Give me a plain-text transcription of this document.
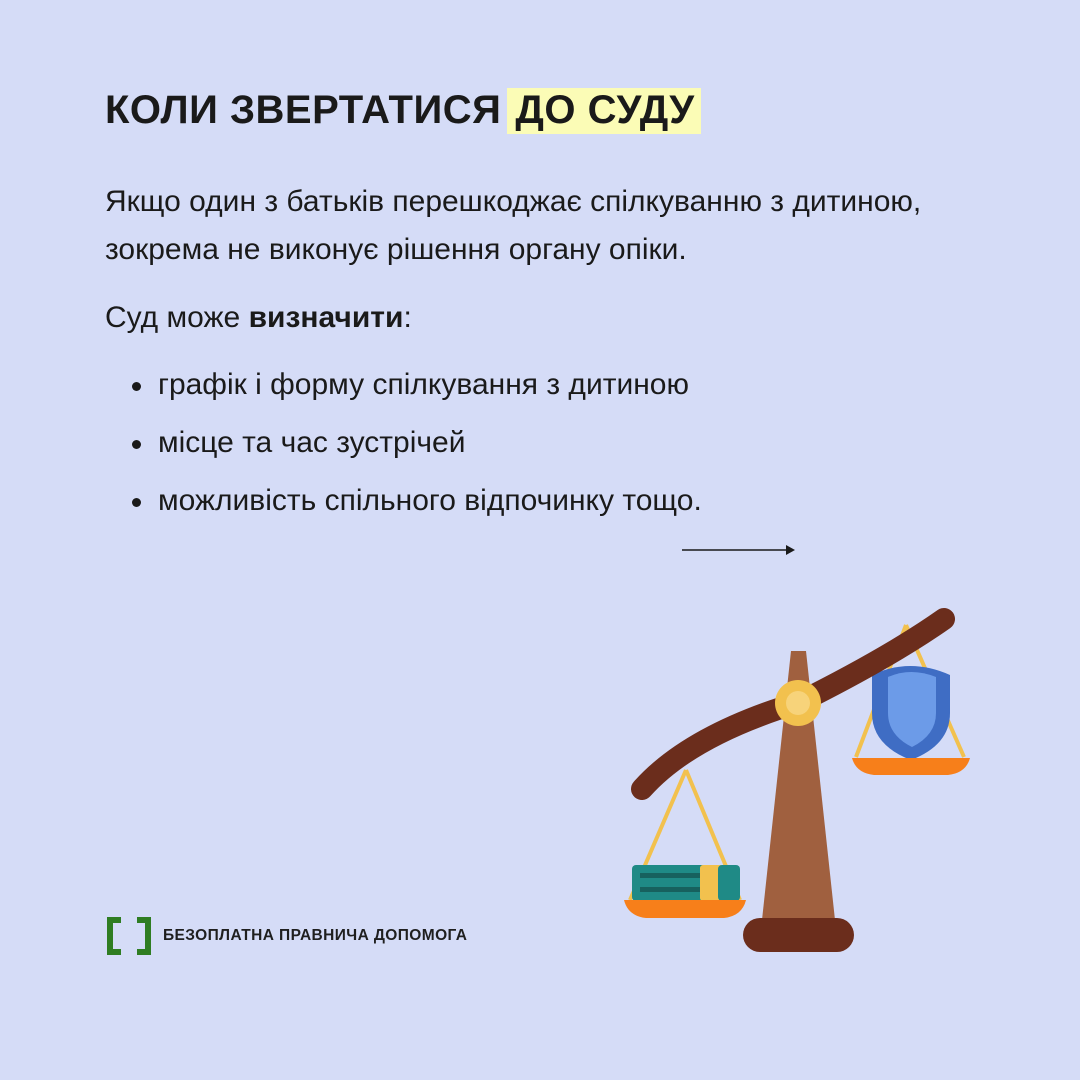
КОЛИ ЗВЕРТАТИСЯ ДО СУДУ

Якщо один з батьків перешкоджає спілкуванню з дитиною, зокрема не виконує рішення органу опіки.

Суд може визначити:

графік і форму спілкування з дитиною
місце та час зустрічей
можливість спільного відпочинку тощо.
БЕЗОПЛАТНА ПРАВНИЧА ДОПОМОГА
